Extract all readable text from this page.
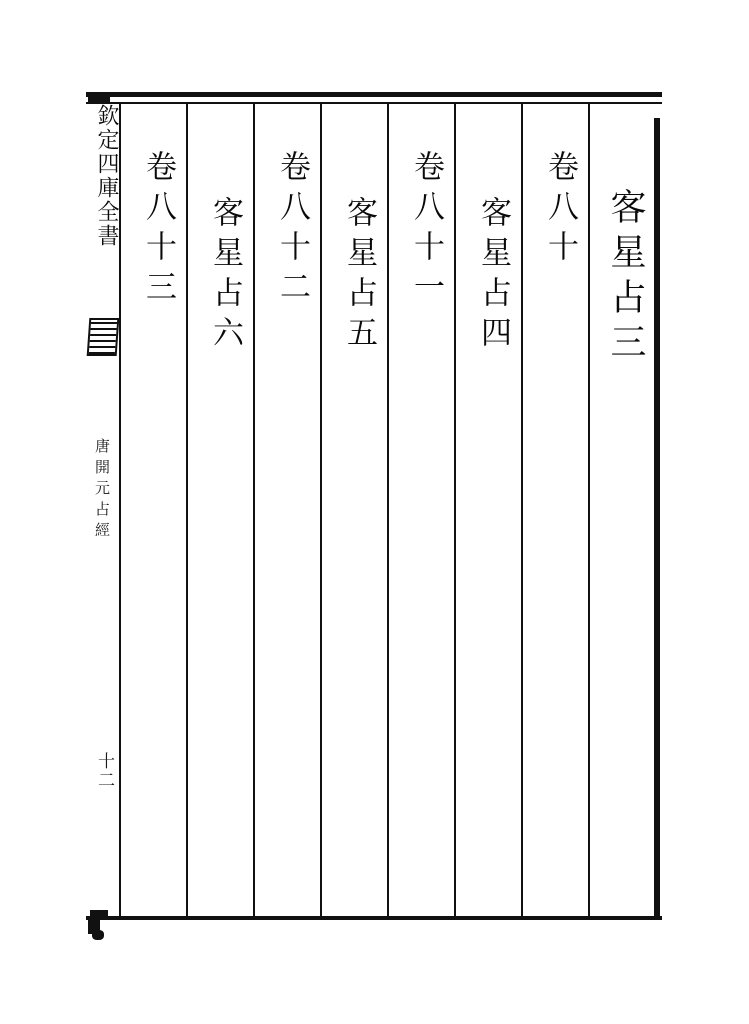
客星占三
卷八十
客星占四
卷八十一
客星占五
卷八十二
客星占六
卷八十三
欽定四庫全書
唐開元占經
十二
